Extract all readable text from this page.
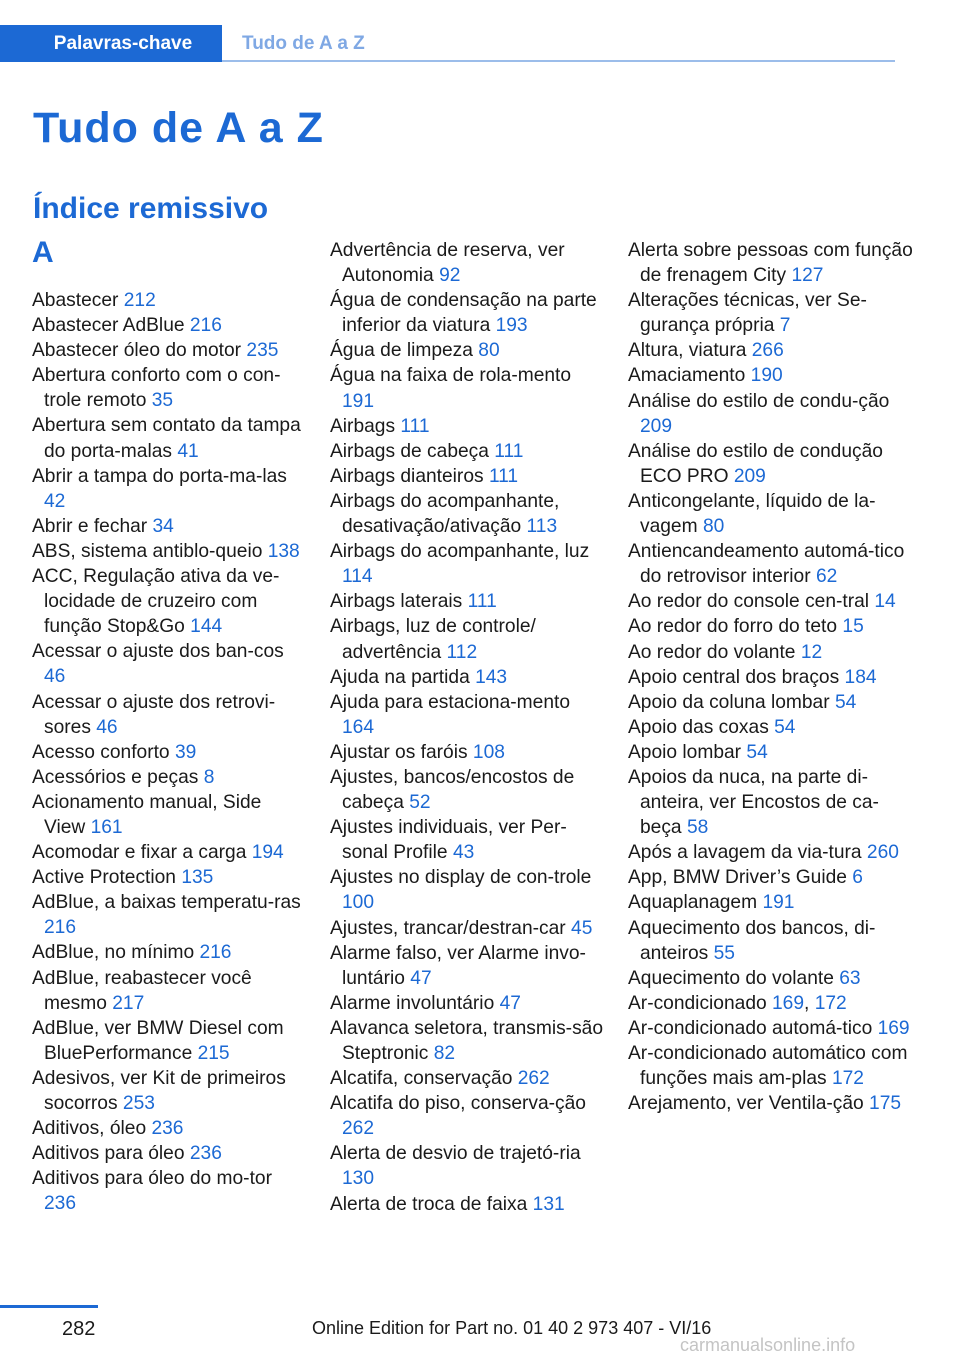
Palavras-chave	Tudo de A a Z
Tudo de A a Z
Índice remissivo
A
Abastecer 212
Abastecer AdBlue 216
Abastecer óleo do motor 235
Abertura conforto com o con-trole remoto 35
Abertura sem contato da tampa do porta-malas 41
Abrir a tampa do porta-ma-las 42
Abrir e fechar 34
ABS, sistema antiblo-queio 138
ACC, Regulação ativa da ve-locidade de cruzeiro com função Stop&Go 144
Acessar o ajuste dos ban-cos 46
Acessar o ajuste dos retrovi-sores 46
Acesso conforto 39
Acessórios e peças 8
Acionamento manual, Side View 161
Acomodar e fixar a carga 194
Active Protection 135
AdBlue, a baixas temperatu-ras 216
AdBlue, no mínimo 216
AdBlue, reabastecer você mesmo 217
AdBlue, ver BMW Diesel com BluePerformance 215
Adesivos, ver Kit de primeiros socorros 253
Aditivos, óleo 236
Aditivos para óleo 236
Aditivos para óleo do mo-tor 236
Advertência de reserva, ver Autonomia 92
Água de condensação na parte inferior da viatura 193
Água de limpeza 80
Água na faixa de rola-mento 191
Airbags 111
Airbags de cabeça 111
Airbags dianteiros 111
Airbags do acompanhante, desativação/ativação 113
Airbags do acompanhante, luz 114
Airbags laterais 111
Airbags, luz de controle/ advertência 112
Ajuda na partida 143
Ajuda para estaciona-mento 164
Ajustar os faróis 108
Ajustes, bancos/encostos de cabeça 52
Ajustes individuais, ver Per-sonal Profile 43
Ajustes no display de con-trole 100
Ajustes, trancar/destran-car 45
Alarme falso, ver Alarme invo-luntário 47
Alarme involuntário 47
Alavanca seletora, transmis-são Steptronic 82
Alcatifa, conservação 262
Alcatifa do piso, conserva-ção 262
Alerta de desvio de trajetó-ria 130
Alerta de troca de faixa 131
Alerta sobre pessoas com função de frenagem City 127
Alterações técnicas, ver Se-gurança própria 7
Altura, viatura 266
Amaciamento 190
Análise do estilo de condu-ção 209
Análise do estilo de condução ECO PRO 209
Anticongelante, líquido de la-vagem 80
Antiencandeamento automá-tico do retrovisor interior 62
Ao redor do console cen-tral 14
Ao redor do forro do teto 15
Ao redor do volante 12
Apoio central dos braços 184
Apoio da coluna lombar 54
Apoio das coxas 54
Apoio lombar 54
Apoios da nuca, na parte di-anteira, ver Encostos de ca-beça 58
Após a lavagem da via-tura 260
App, BMW Driver’s Guide 6
Aquaplanagem 191
Aquecimento dos bancos, di-anteiros 55
Aquecimento do volante 63
Ar-condicionado 169, 172
Ar-condicionado automá-tico 169
Ar-condicionado automático com funções mais am-plas 172
Arejamento, ver Ventila-ção 175
282	Online Edition for Part no. 01 40 2 973 407 - VI/16
carmanualsonline.info
